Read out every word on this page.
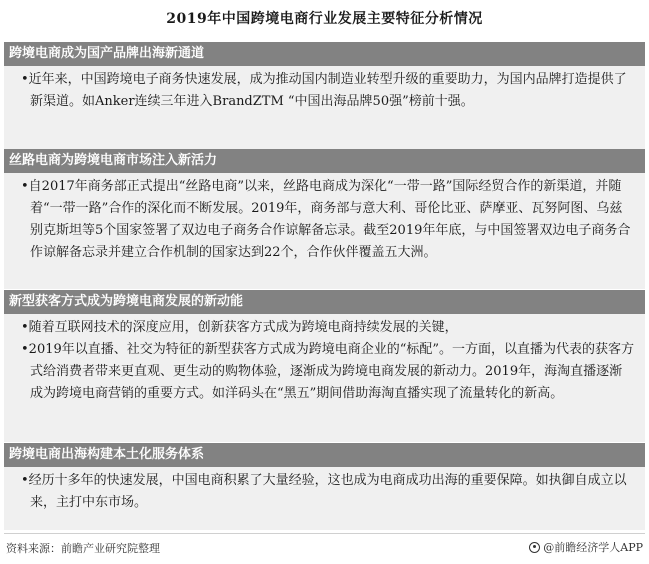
2019年中国跨境电商行业发展主要特征分析情况
跨境电商成为国产品牌出海新通道

•近年来，中国跨境电子商务快速发展，成为推动国内制造业转型升级的重要助力，为国内品牌打造提供了新渠道。如Anker连续三年进入BrandZTM “中国出海品牌50强”榜前十强。

丝路电商为跨境电商市场注入新活力

•自2017年商务部正式提出“丝路电商”以来，丝路电商成为深化“一带一路”国际经贸合作的新渠道，并随着“一带一路”合作的深化而不断发展。2019年，商务部与意大利、哥伦比亚、萨摩亚、瓦努阿图、乌兹别克斯坦等5个国家签署了双边电子商务合作谅解备忘录。截至2019年年底，与中国签署双边电子商务合作谅解备忘录并建立合作机制的国家达到22个，合作伙伴覆盖五大洲。

新型获客方式成为跨境电商发展的新动能

•随着互联网技术的深度应用，创新获客方式成为跨境电商持续发展的关键，

•2019年以直播、社交为特征的新型获客方式成为跨境电商企业的“标配”。一方面，以直播为代表的获客方式给消费者带来更直观、更生动的购物体验，逐渐成为跨境电商发展的新动力。2019年，海淘直播逐渐成为跨境电商营销的重要方式。如洋码头在“黑五”期间借助海淘直播实现了流量转化的新高。

跨境电商出海构建本土化服务体系

•经历十多年的快速发展，中国电商积累了大量经验，这也成为电商成功出海的重要保障。如执御自成立以来，主打中东市场。

资料来源：前瞻产业研究院整理	@前瞻经济学人APP
